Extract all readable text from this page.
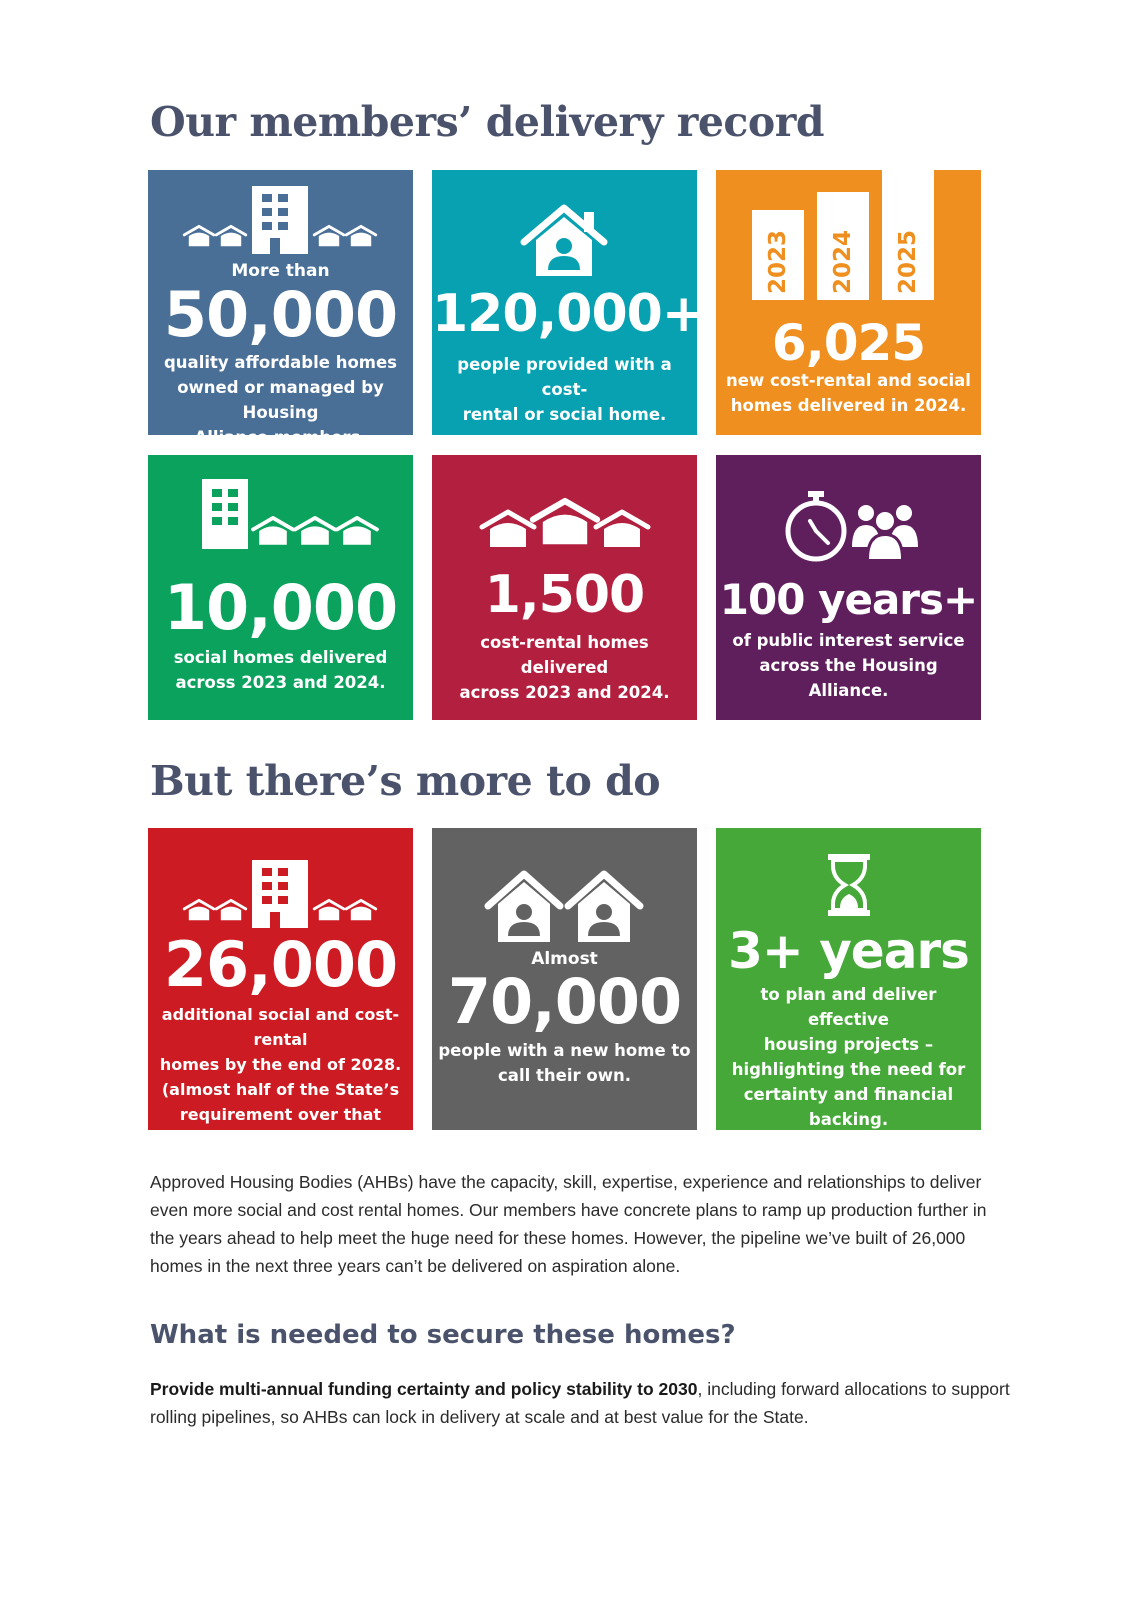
Our members’ delivery record
More than
50,000
quality affordable homes
owned or managed by Housing
Alliance members.
120,000+
people provided with a cost-
rental or social home.
2023 2024 2025
6,025
new cost-rental and social
homes delivered in 2024.
10,000
social homes delivered
across 2023 and 2024.
1,500
cost-rental homes delivered
across 2023 and 2024.
100 years+
of public interest service
across the Housing Alliance.
But there’s more to do
26,000
additional social and cost-rental
homes by the end of 2028.
(almost half of the State’s
requirement over that period.)
Almost
70,000
people with a new home to
call their own.
3+ years
to plan and deliver effective
housing projects –
highlighting the need for
certainty and financial
backing.

Approved Housing Bodies (AHBs) have the capacity, skill, expertise, experience and relationships to deliver even more social and cost rental homes. Our members have concrete plans to ramp up production further in the years ahead to help meet the huge need for these homes. However, the pipeline we’ve built of 26,000 homes in the next three years can’t be delivered on aspiration alone.

What is needed to secure these homes?

Provide multi-annual funding certainty and policy stability to 2030, including forward allocations to support rolling pipelines, so AHBs can lock in delivery at scale and at best value for the State.
